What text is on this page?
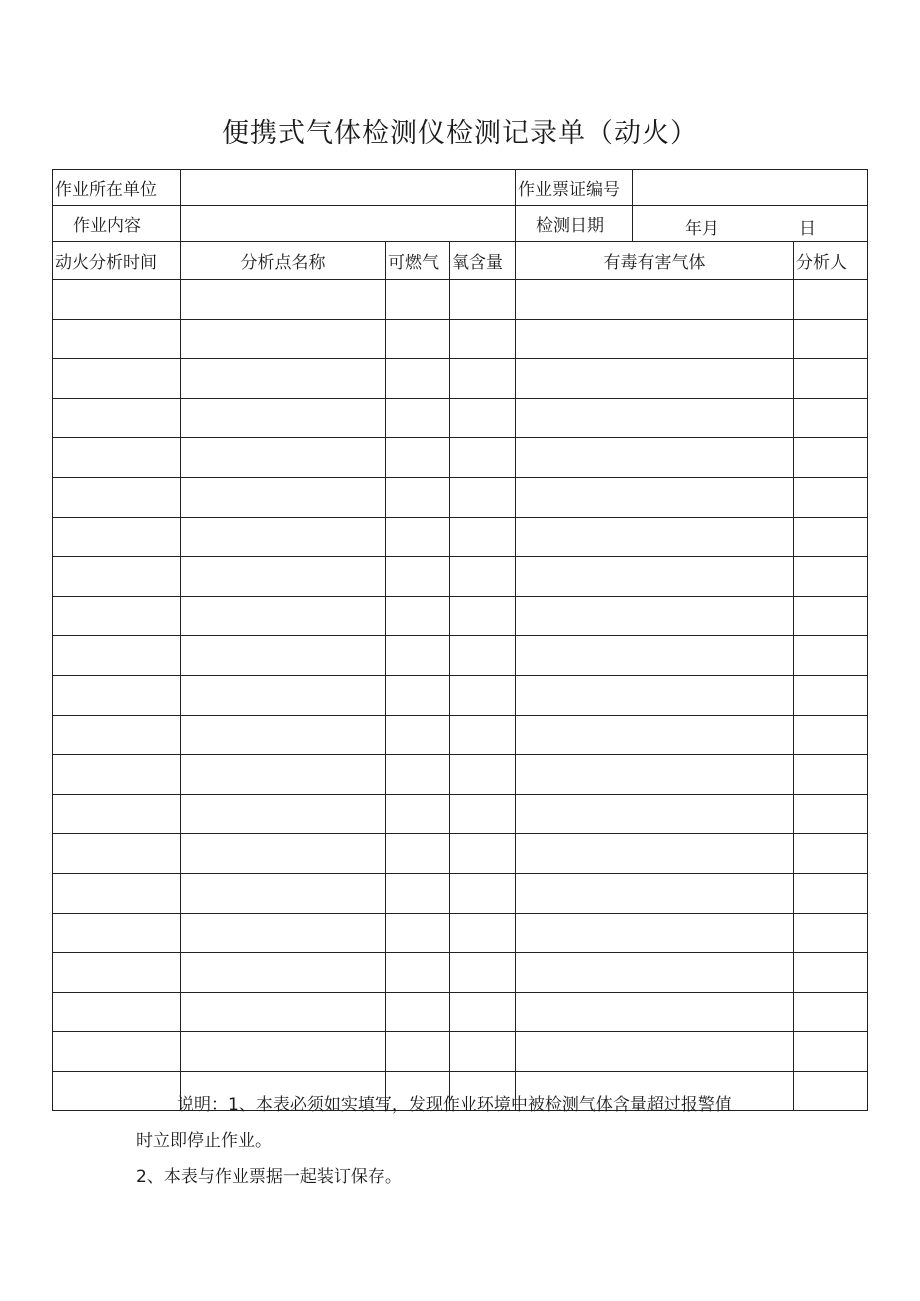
便携式气体检测仪检测记录单（动火）
作业所在单位				作业票证编号		
作业内容				检测日期	年月 日	

动火分析时间	分析点名称	可燃气	氧含量	有毒有害气体		分析人

说明：1、本表必须如实填写，发现作业环境中被检测气体含量超过报警值

时立即停止作业。

2、本表与作业票据一起装订保存。
